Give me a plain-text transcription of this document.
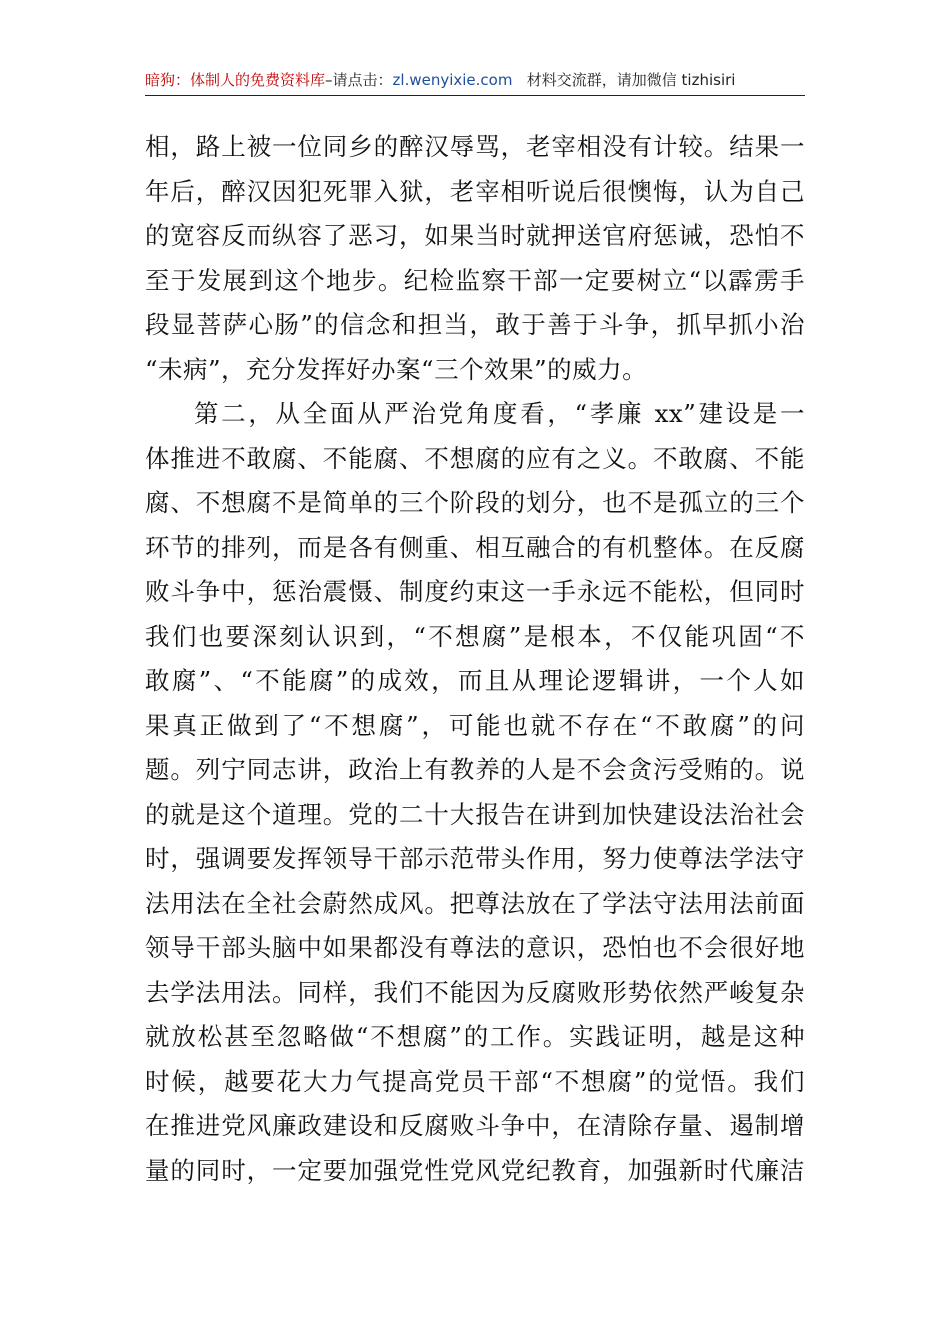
暗狗：体制人的免费资料库–请点击：zl.wenyixie.com 材料交流群，请加微信 tizhisiri
相，路上被一位同乡的醉汉辱骂，老宰相没有计较。结果一
年后，醉汉因犯死罪入狱，老宰相听说后很懊悔，认为自己
的宽容反而纵容了恶习，如果当时就押送官府惩诫，恐怕不
至于发展到这个地步。纪检监察干部一定要树立“以霹雳手
段显菩萨心肠”的信念和担当，敢于善于斗争，抓早抓小治
“未病”，充分发挥好办案“三个效果”的威力。
第二，从全面从严治党角度看，“孝廉 xx”建设是一
体推进不敢腐、不能腐、不想腐的应有之义。不敢腐、不能
腐、不想腐不是简单的三个阶段的划分，也不是孤立的三个
环节的排列，而是各有侧重、相互融合的有机整体。在反腐
败斗争中，惩治震慑、制度约束这一手永远不能松，但同时
我们也要深刻认识到，“不想腐”是根本，不仅能巩固“不
敢腐”、“不能腐”的成效，而且从理论逻辑讲，一个人如
果真正做到了“不想腐”，可能也就不存在“不敢腐”的问
题。列宁同志讲，政治上有教养的人是不会贪污受贿的。说
的就是这个道理。党的二十大报告在讲到加快建设法治社会
时，强调要发挥领导干部示范带头作用，努力使尊法学法守
法用法在全社会蔚然成风。把尊法放在了学法守法用法前面
领导干部头脑中如果都没有尊法的意识，恐怕也不会很好地
去学法用法。同样，我们不能因为反腐败形势依然严峻复杂
就放松甚至忽略做“不想腐”的工作。实践证明，越是这种
时候，越要花大力气提高党员干部“不想腐”的觉悟。我们
在推进党风廉政建设和反腐败斗争中，在清除存量、遏制增
量的同时，一定要加强党性党风党纪教育，加强新时代廉洁
